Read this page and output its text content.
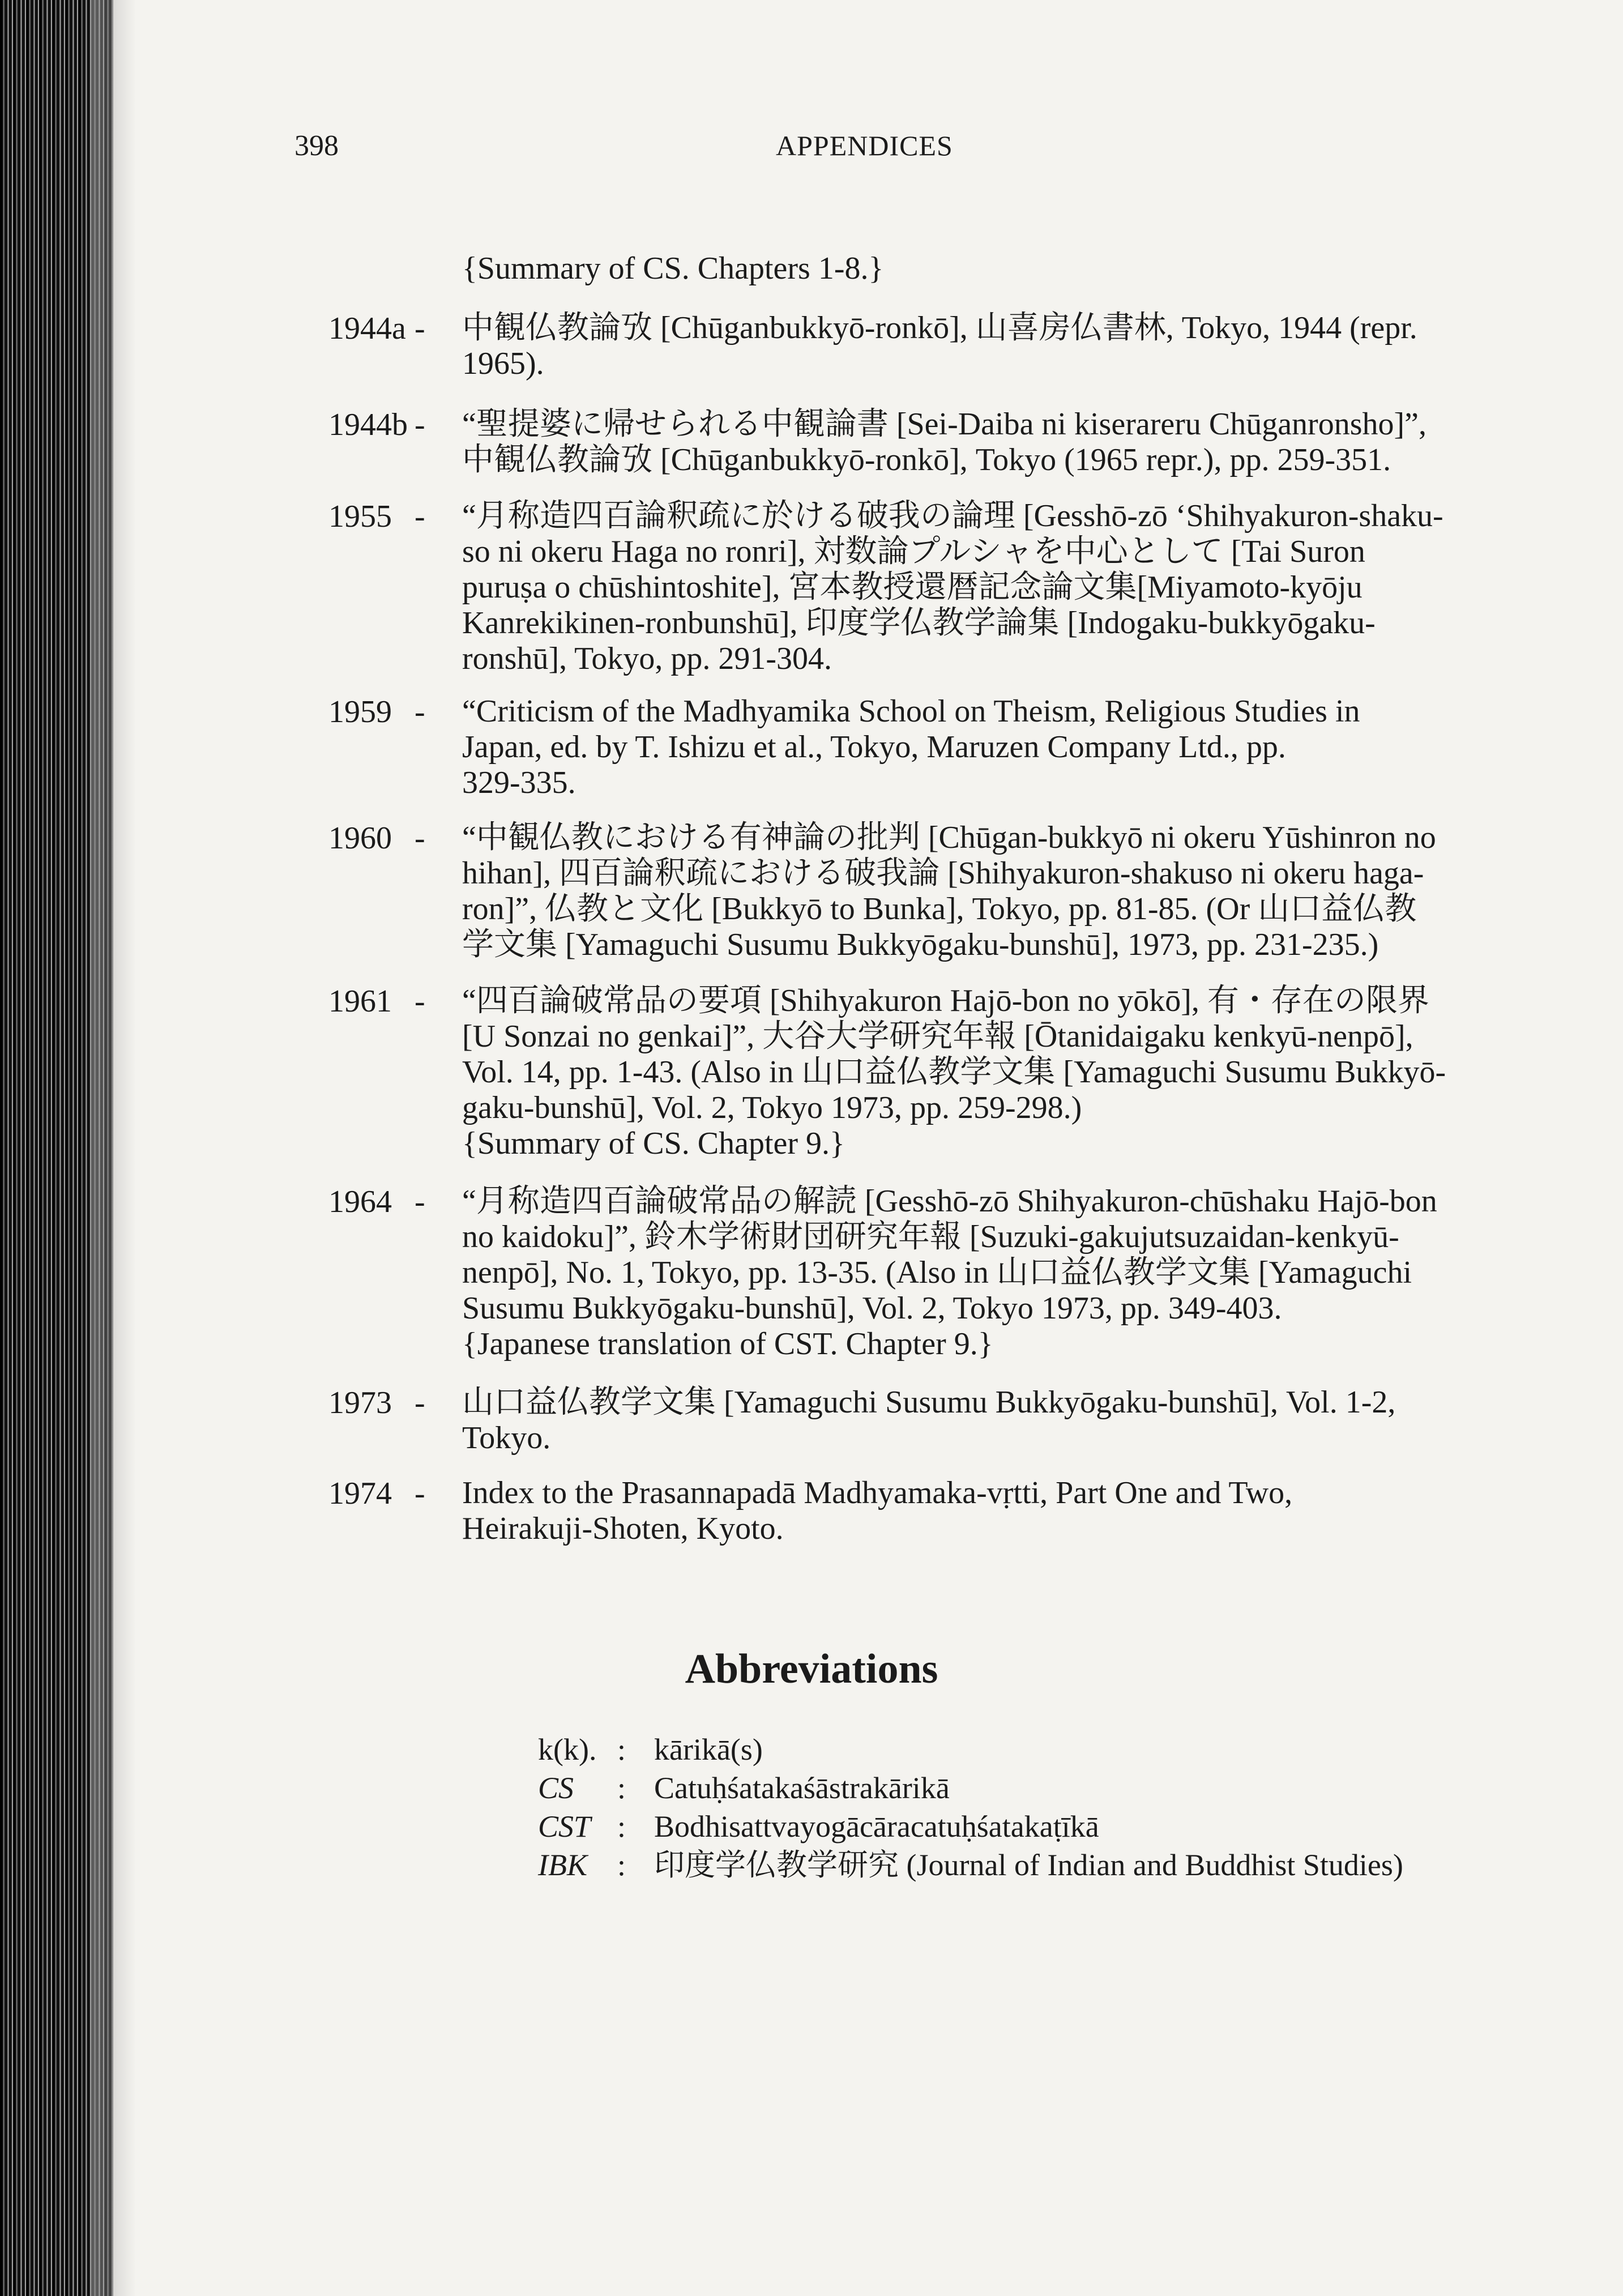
398	APPENDICES
{Summary of CS. Chapters 1-8.}
1944a - 中観仏教論攷 [Chūganbukkyō-ronkō], 山喜房仏書林, Tokyo, 1944 (repr.
1965).
1944b - “聖提婆に帰せられる中観論書 [Sei-Daiba ni kiserareru Chūganronsho]”,
中観仏教論攷 [Chūganbukkyō-ronkō], Tokyo (1965 repr.), pp. 259-351.
1955 - “月称造四百論釈疏に於ける破我の論理 [Gesshō-zō ‘Shihyakuron-shaku-
so ni okeru Haga no ronri], 対数論プルシャを中心として [Tai Suron
puruṣa o chūshintoshite], 宮本教授還暦記念論文集[Miyamoto-kyōju
Kanrekikinen-ronbunshū], 印度学仏教学論集 [Indogaku-bukkyōgaku-
ronshū], Tokyo, pp. 291-304.
1959 - “Criticism of the Madhyamika School on Theism, Religious Studies in
Japan, ed. by T. Ishizu et al., Tokyo, Maruzen Company Ltd., pp.
329-335.
1960 - “中観仏教における有神論の批判 [Chūgan-bukkyō ni okeru Yūshinron no
hihan], 四百論釈疏における破我論 [Shihyakuron-shakuso ni okeru haga-
ron]”, 仏教と文化 [Bukkyō to Bunka], Tokyo, pp. 81-85. (Or 山口益仏教
学文集 [Yamaguchi Susumu Bukkyōgaku-bunshū], 1973, pp. 231-235.)
1961 - “四百論破常品の要項 [Shihyakuron Hajō-bon no yōkō], 有・存在の限界
[U Sonzai no genkai]”, 大谷大学研究年報 [Ōtanidaigaku kenkyū-nenpō],
Vol. 14, pp. 1-43. (Also in 山口益仏教学文集 [Yamaguchi Susumu Bukkyō-
gaku-bunshū], Vol. 2, Tokyo 1973, pp. 259-298.)
{Summary of CS. Chapter 9.}
1964 - “月称造四百論破常品の解読 [Gesshō-zō Shihyakuron-chūshaku Hajō-bon
no kaidoku]”, 鈴木学術財団研究年報 [Suzuki-gakujutsuzaidan-kenkyū-
nenpō], No. 1, Tokyo, pp. 13-35. (Also in 山口益仏教学文集 [Yamaguchi
Susumu Bukkyōgaku-bunshū], Vol. 2, Tokyo 1973, pp. 349-403.
{Japanese translation of CST. Chapter 9.}
1973 - 山口益仏教学文集 [Yamaguchi Susumu Bukkyōgaku-bunshū], Vol. 1-2,
Tokyo.
1974 - Index to the Prasannapadā Madhyamaka-vṛtti, Part One and Two,
Heirakuji-Shoten, Kyoto.
Abbreviations
k(k). : kārikā(s)
CS	: Catuḥśatakaśāstrakārikā
CST : Bodhisattvayogācāracatuḥśatakaṭīkā
IBK : 印度学仏教学研究 (Journal of Indian and Buddhist Studies)
